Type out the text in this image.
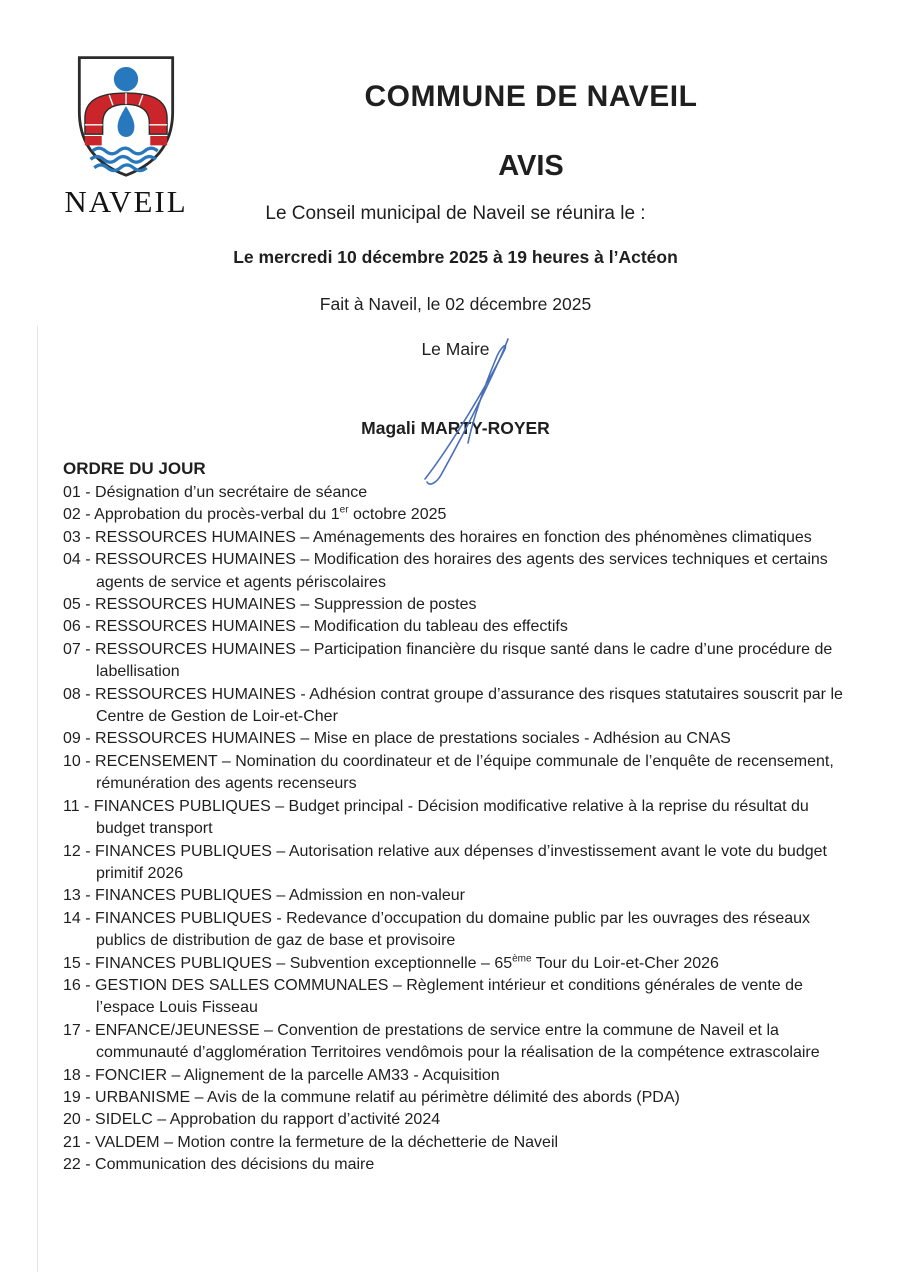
NAVEIL
COMMUNE DE NAVEIL
AVIS

Le Conseil municipal de Naveil se réunira le :

Le mercredi 10 décembre 2025 à 19 heures à l’Actéon

Fait à Naveil, le 02 décembre 2025

Le Maire

Magali MARTY-ROYER

ORDRE DU JOUR
01 - Désignation d’un secrétaire de séance
02 - Approbation du procès-verbal du 1er octobre 2025
03 - RESSOURCES HUMAINES – Aménagements des horaires en fonction des phénomènes climatiques
04 - RESSOURCES HUMAINES – Modification des horaires des agents des services techniques et certains agents de service et agents périscolaires
05 - RESSOURCES HUMAINES – Suppression de postes
06 - RESSOURCES HUMAINES – Modification du tableau des effectifs
07 - RESSOURCES HUMAINES – Participation financière du risque santé dans le cadre d’une procédure de labellisation
08 - RESSOURCES HUMAINES - Adhésion contrat groupe d’assurance des risques statutaires souscrit par le Centre de Gestion de Loir-et-Cher
09 - RESSOURCES HUMAINES – Mise en place de prestations sociales - Adhésion au CNAS
10 - RECENSEMENT – Nomination du coordinateur et de l’équipe communale de l’enquête de recensement, rémunération des agents recenseurs
11 - FINANCES PUBLIQUES – Budget principal - Décision modificative relative à la reprise du résultat du budget transport
12 - FINANCES PUBLIQUES – Autorisation relative aux dépenses d’investissement avant le vote du budget primitif 2026
13 - FINANCES PUBLIQUES – Admission en non-valeur
14 - FINANCES PUBLIQUES - Redevance d’occupation du domaine public par les ouvrages des réseaux publics de distribution de gaz de base et provisoire
15 - FINANCES PUBLIQUES – Subvention exceptionnelle – 65ème Tour du Loir-et-Cher 2026
16 - GESTION DES SALLES COMMUNALES – Règlement intérieur et conditions générales de vente de l’espace Louis Fisseau
17 - ENFANCE/JEUNESSE – Convention de prestations de service entre la commune de Naveil et la communauté d’agglomération Territoires vendômois pour la réalisation de la compétence extrascolaire
18 - FONCIER – Alignement de la parcelle AM33 - Acquisition
19 - URBANISME – Avis de la commune relatif au périmètre délimité des abords (PDA)
20 - SIDELC – Approbation du rapport d’activité 2024
21 - VALDEM – Motion contre la fermeture de la déchetterie de Naveil
22 - Communication des décisions du maire
